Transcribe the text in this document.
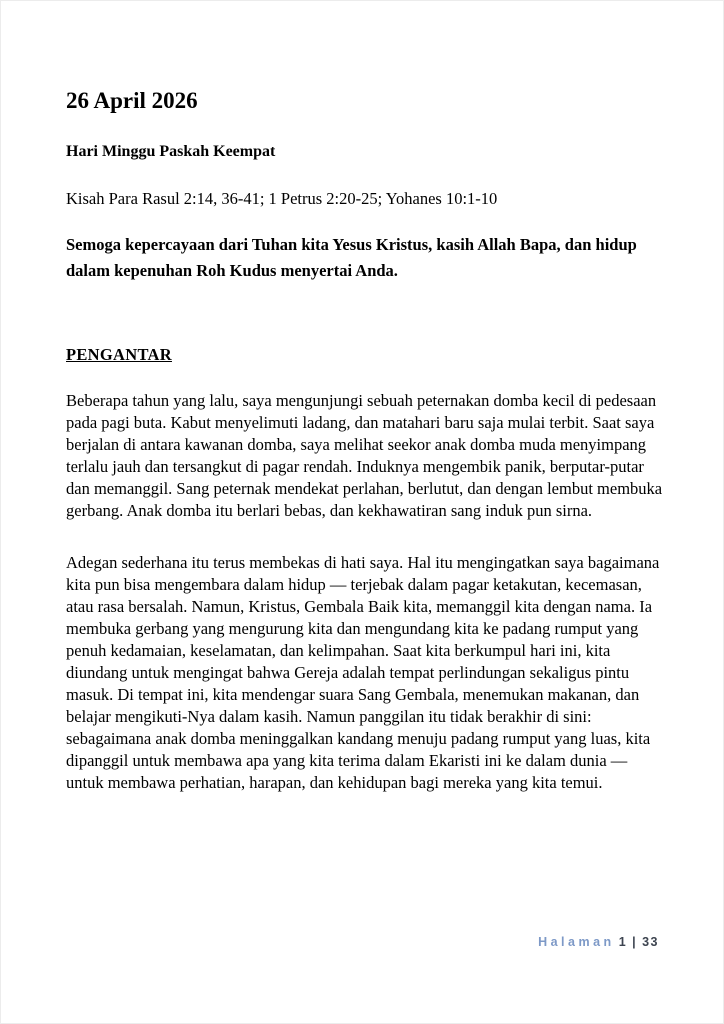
26 April 2026

Hari Minggu Paskah Keempat

Kisah Para Rasul 2:14, 36-41; 1 Petrus 2:20-25; Yohanes 10:1-10

Semoga kepercayaan dari Tuhan kita Yesus Kristus, kasih Allah Bapa, dan hidup dalam kepenuhan Roh Kudus menyertai Anda.

PENGANTAR

Beberapa tahun yang lalu, saya mengunjungi sebuah peternakan domba kecil di pedesaan pada pagi buta. Kabut menyelimuti ladang, dan matahari baru saja mulai terbit. Saat saya berjalan di antara kawanan domba, saya melihat seekor anak domba muda menyimpang terlalu jauh dan tersangkut di pagar rendah. Induknya mengembik panik, berputar-putar dan memanggil. Sang peternak mendekat perlahan, berlutut, dan dengan lembut membuka gerbang. Anak domba itu berlari bebas, dan kekhawatiran sang induk pun sirna.

Adegan sederhana itu terus membekas di hati saya. Hal itu mengingatkan saya bagaimana kita pun bisa mengembara dalam hidup — terjebak dalam pagar ketakutan, kecemasan, atau rasa bersalah. Namun, Kristus, Gembala Baik kita, memanggil kita dengan nama. Ia membuka gerbang yang mengurung kita dan mengundang kita ke padang rumput yang penuh kedamaian, keselamatan, dan kelimpahan. Saat kita berkumpul hari ini, kita diundang untuk mengingat bahwa Gereja adalah tempat perlindungan sekaligus pintu masuk. Di tempat ini, kita mendengar suara Sang Gembala, menemukan makanan, dan belajar mengikuti-Nya dalam kasih. Namun panggilan itu tidak berakhir di sini: sebagaimana anak domba meninggalkan kandang menuju padang rumput yang luas, kita dipanggil untuk membawa apa yang kita terima dalam Ekaristi ini ke dalam dunia — untuk membawa perhatian, harapan, dan kehidupan bagi mereka yang kita temui.

Halaman 1 | 33
